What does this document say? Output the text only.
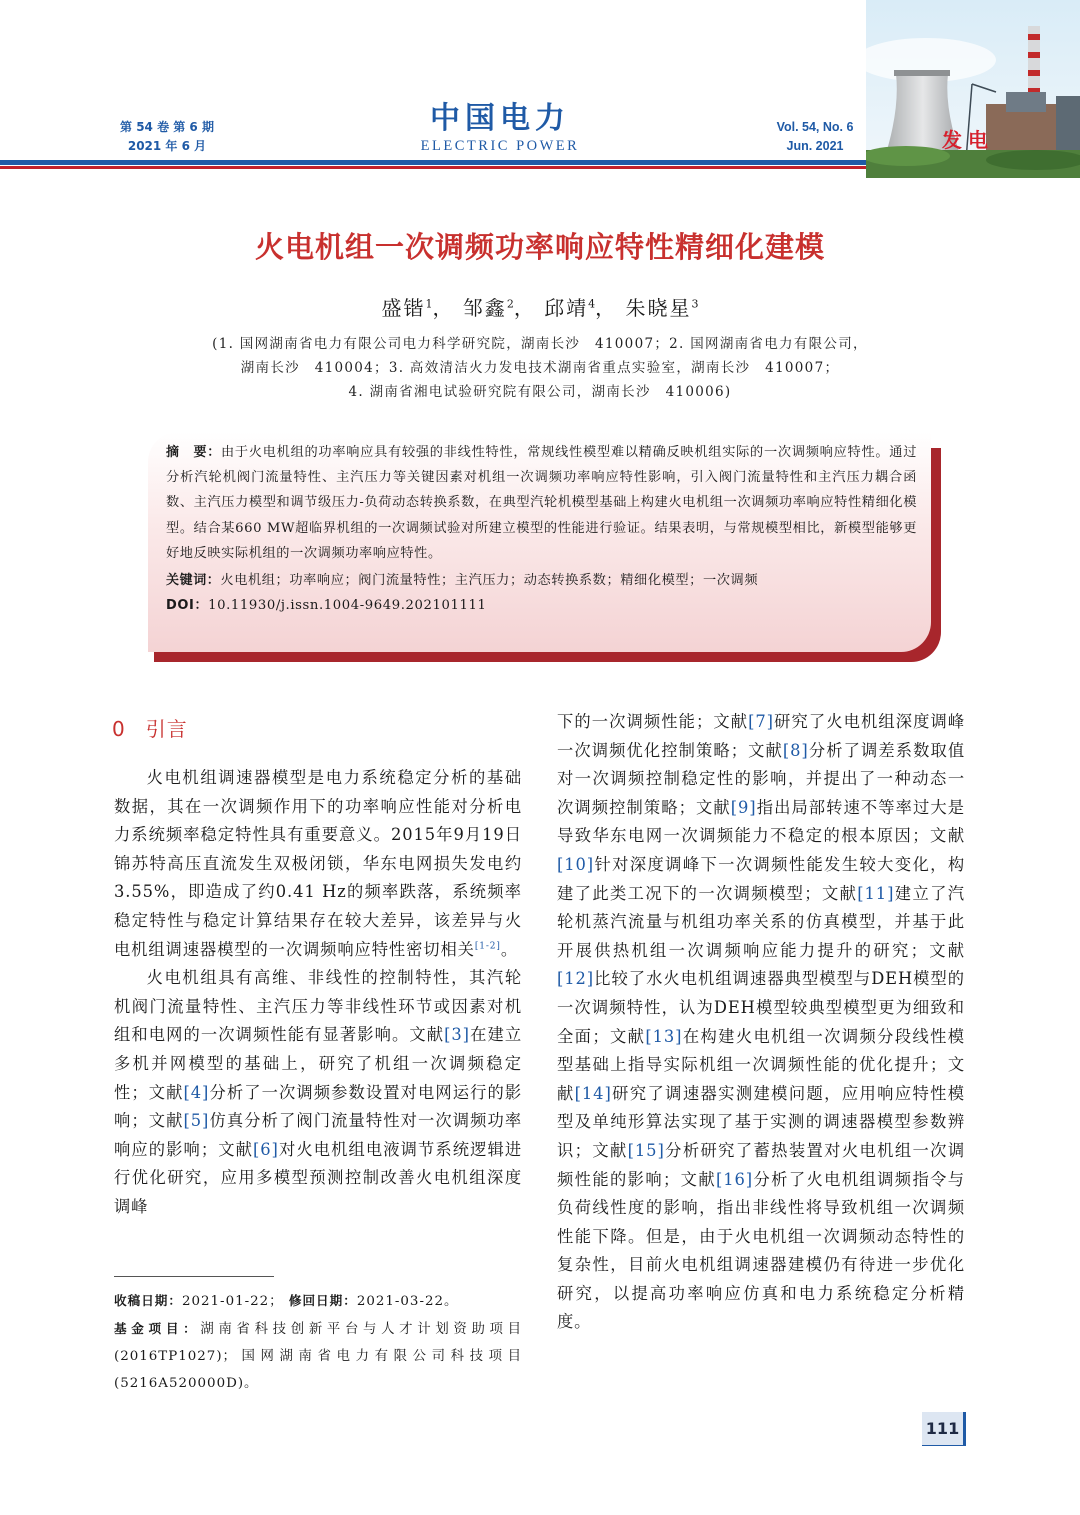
第 54 卷 第 6 期
2021 年 6 月
中国电力
ELECTRIC POWER
Vol. 54, No. 6
Jun. 2021	发电
火电机组一次调频功率响应特性精细化建模
盛锴$^1$， 邹鑫$^2$， 邱靖$^4$， 朱晓星$^3$
(1. 国网湖南省电力有限公司电力科学研究院，湖南长沙　410007；2. 国网湖南省电力有限公司，
湖南长沙　410004；3. 高效清洁火力发电技术湖南省重点实验室，湖南长沙　410007；
4. 湖南省湘电试验研究院有限公司，湖南长沙　410006)

摘　要：由于火电机组的功率响应具有较强的非线性特性，常规线性模型难以精确反映机组实际的一次调频响应特性。通过分析汽轮机阀门流量特性、主汽压力等关键因素对机组一次调频功率响应特性影响，引入阀门流量特性和主汽压力耦合函数、主汽压力模型和调节级压力-负荷动态转换系数，在典型汽轮机模型基础上构建火电机组一次调频功率响应特性精细化模型。结合某660 MW超临界机组的一次调频试验对所建立模型的性能进行验证。结果表明，与常规模型相比，新模型能够更好地反映实际机组的一次调频功率响应特性。

关键词：火电机组；功率响应；阀门流量特性；主汽压力；动态转换系数；精细化模型；一次调频

DOI：10.11930/j.issn.1004-9649.202101111

0 引言

火电机组调速器模型是电力系统稳定分析的基础数据，其在一次调频作用下的功率响应性能对分析电力系统频率稳定特性具有重要意义。2015年9月19日锦苏特高压直流发生双极闭锁，华东电网损失发电约3.55%，即造成了约0.41 Hz的频率跌落，系统频率稳定特性与稳定计算结果存在较大差异，该差异与火电机组调速器模型的一次调频响应特性密切相关[1-2]。

火电机组具有高维、非线性的控制特性，其汽轮机阀门流量特性、主汽压力等非线性环节或因素对机组和电网的一次调频性能有显著影响。文献[3]在建立多机并网模型的基础上，研究了机组一次调频稳定性；文献[4]分析了一次调频参数设置对电网运行的影响；文献[5]仿真分析了阀门流量特性对一次调频功率响应的影响；文献[6]对火电机组电液调节系统逻辑进行优化研究，应用多模型预测控制改善火电机组深度调峰

收稿日期：2021-01-22； 修回日期：2021-03-22。

基金项目：湖南省科技创新平台与人才计划资助项目(2016TP1027)；国网湖南省电力有限公司科技项目(5216A520000D)。

下的一次调频性能；文献[7]研究了火电机组深度调峰一次调频优化控制策略；文献[8]分析了调差系数取值对一次调频控制稳定性的影响，并提出了一种动态一次调频控制策略；文献[9]指出局部转速不等率过大是导致华东电网一次调频能力不稳定的根本原因；文献[10]针对深度调峰下一次调频性能发生较大变化，构建了此类工况下的一次调频模型；文献[11]建立了汽轮机蒸汽流量与机组功率关系的仿真模型，并基于此开展供热机组一次调频响应能力提升的研究；文献[12]比较了水火电机组调速器典型模型与DEH模型的一次调频特性，认为DEH模型较典型模型更为细致和全面；文献[13]在构建火电机组一次调频分段线性模型基础上指导实际机组一次调频性能的优化提升；文献[14]研究了调速器实测建模问题，应用响应特性模型及单纯形算法实现了基于实测的调速器模型参数辨识；文献[15]分析研究了蓄热装置对火电机组一次调频性能的影响；文献[16]分析了火电机组调频指令与负荷线性度的影响，指出非线性将导致机组一次调频性能下降。但是，由于火电机组一次调频动态特性的复杂性，目前火电机组调速器建模仍有待进一步优化研究，以提高功率响应仿真和电力系统稳定分析精度。

111
